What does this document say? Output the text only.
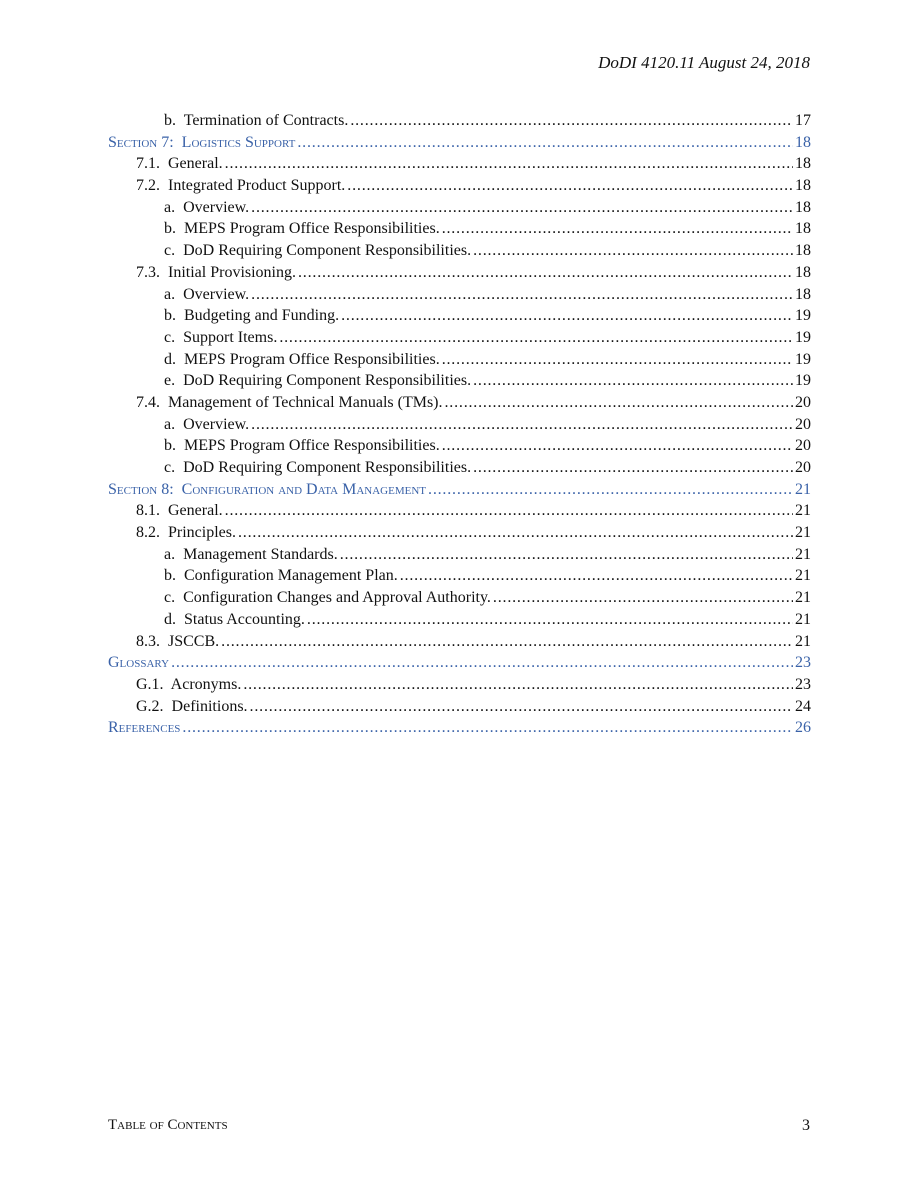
DoDI 4120.11 August 24, 2018
b.  Termination of Contracts. . . .	17
Section 7:  Logistics Support . . .	18
7.1.  General. . . .	18
7.2.  Integrated Product Support. . . .	18
a.  Overview. . . .	18
b.  MEPS Program Office Responsibilities. . . .	18
c.  DoD Requiring Component Responsibilities. . . .	18
7.3.  Initial Provisioning. . . .	18
a.  Overview. . . .	18
b.  Budgeting and Funding. . . .	19
c.  Support Items. . . .	19
d.  MEPS Program Office Responsibilities. . . .	19
e.  DoD Requiring Component Responsibilities. . . .	19
7.4.  Management of Technical Manuals (TMs). . . .	20
a.  Overview. . . .	20
b.  MEPS Program Office Responsibilities. . . .	20
c.  DoD Requiring Component Responsibilities. . . .	20
Section 8:  Configuration and Data Management . . .	21
8.1.  General. . . .	21
8.2.  Principles. . . .	21
a.  Management Standards. . . .	21
b.  Configuration Management Plan. . . .	21
c.  Configuration Changes and Approval Authority. . . .	21
d.  Status Accounting. . . .	21
8.3.  JSCCB. . . .	21
Glossary . . .	23
G.1.  Acronyms. . . .	23
G.2.  Definitions. . . .	24
References . . .	26
Table of Contents	3
